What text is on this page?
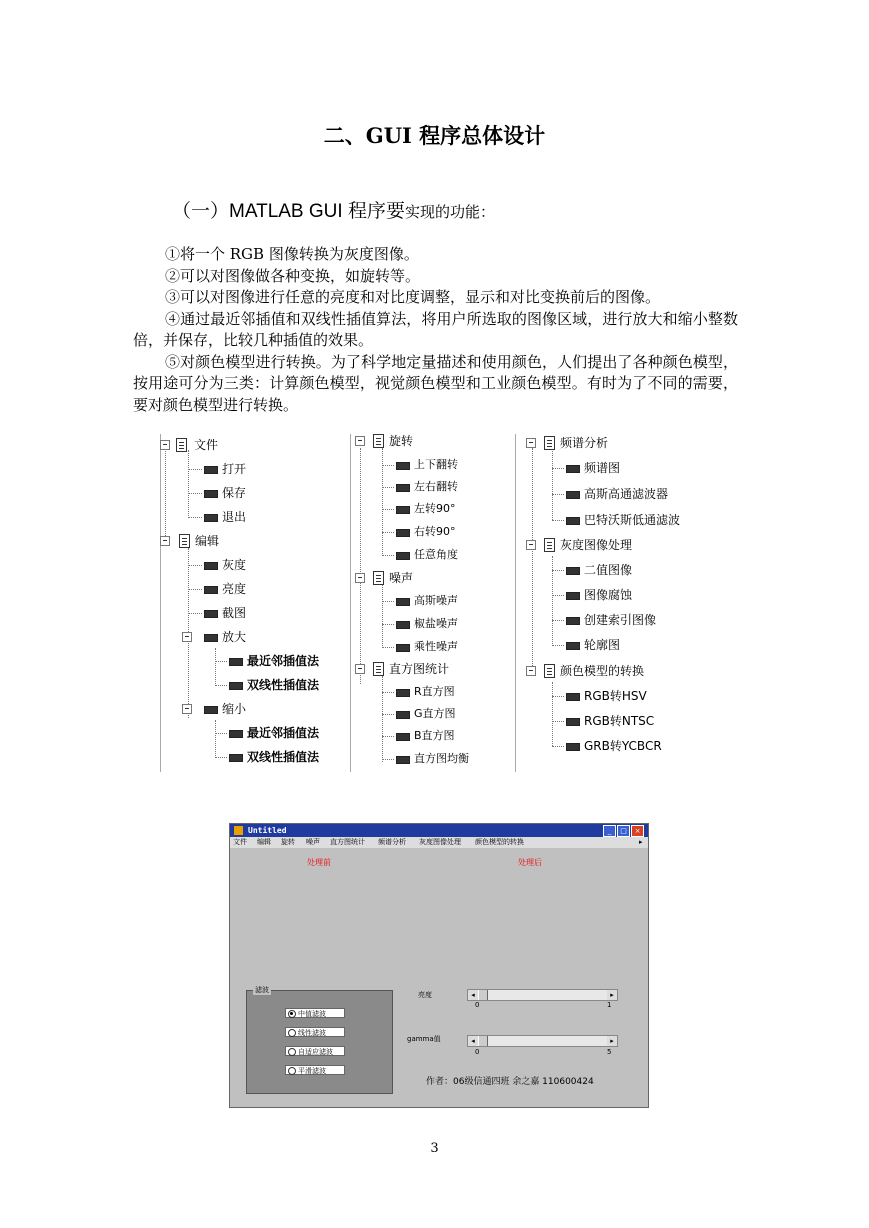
二、GUI 程序总体设计
（一）MATLAB GUI 程序要实现的功能：

①将一个 RGB 图像转换为灰度图像。

②可以对图像做各种变换，如旋转等。

③可以对图像进行任意的亮度和对比度调整，显示和对比变换前后的图像。

④通过最近邻插值和双线性插值算法，将用户所选取的图像区域，进行放大和缩小整数倍，并保存，比较几种插值的效果。

⑤对颜色模型进行转换。为了科学地定量描述和使用颜色，人们提出了各种颜色模型，按用途可分为三类：计算颜色模型，视觉颜色模型和工业颜色模型。有时为了不同的需要，要对颜色模型进行转换。

文件
打开
保存
退出
编辑
灰度
亮度
截图
放大
最近邻插值法
双线性插值法
缩小
最近邻插值法
双线性插值法
旋转
上下翻转
左右翻转
左转90°
右转90°
任意角度
噪声
高斯噪声
椒盐噪声
乘性噪声
直方图统计
R直方图
G直方图
B直方图
直方图均衡
频谱分析
频谱图
高斯高通滤波器
巴特沃斯低通滤波
灰度图像处理
二值图像
图像腐蚀
创建索引图像
轮廓图
颜色模型的转换
RGB转HSV
RGB转NTSC
GRB转YCBCR
Untitled	_	□	×
文件 编辑 旋转 噪声 直方图统计 频谱分析 灰度图像处理 颜色模型的转换	▸
处理前	处理后
滤波
中值滤波
线性滤波
自适应滤波
平滑滤波
亮度	◂	▸
0	1
gamma值	◂	▸
0	5
作者：06级信通四班 余之嘉 110600424
3
